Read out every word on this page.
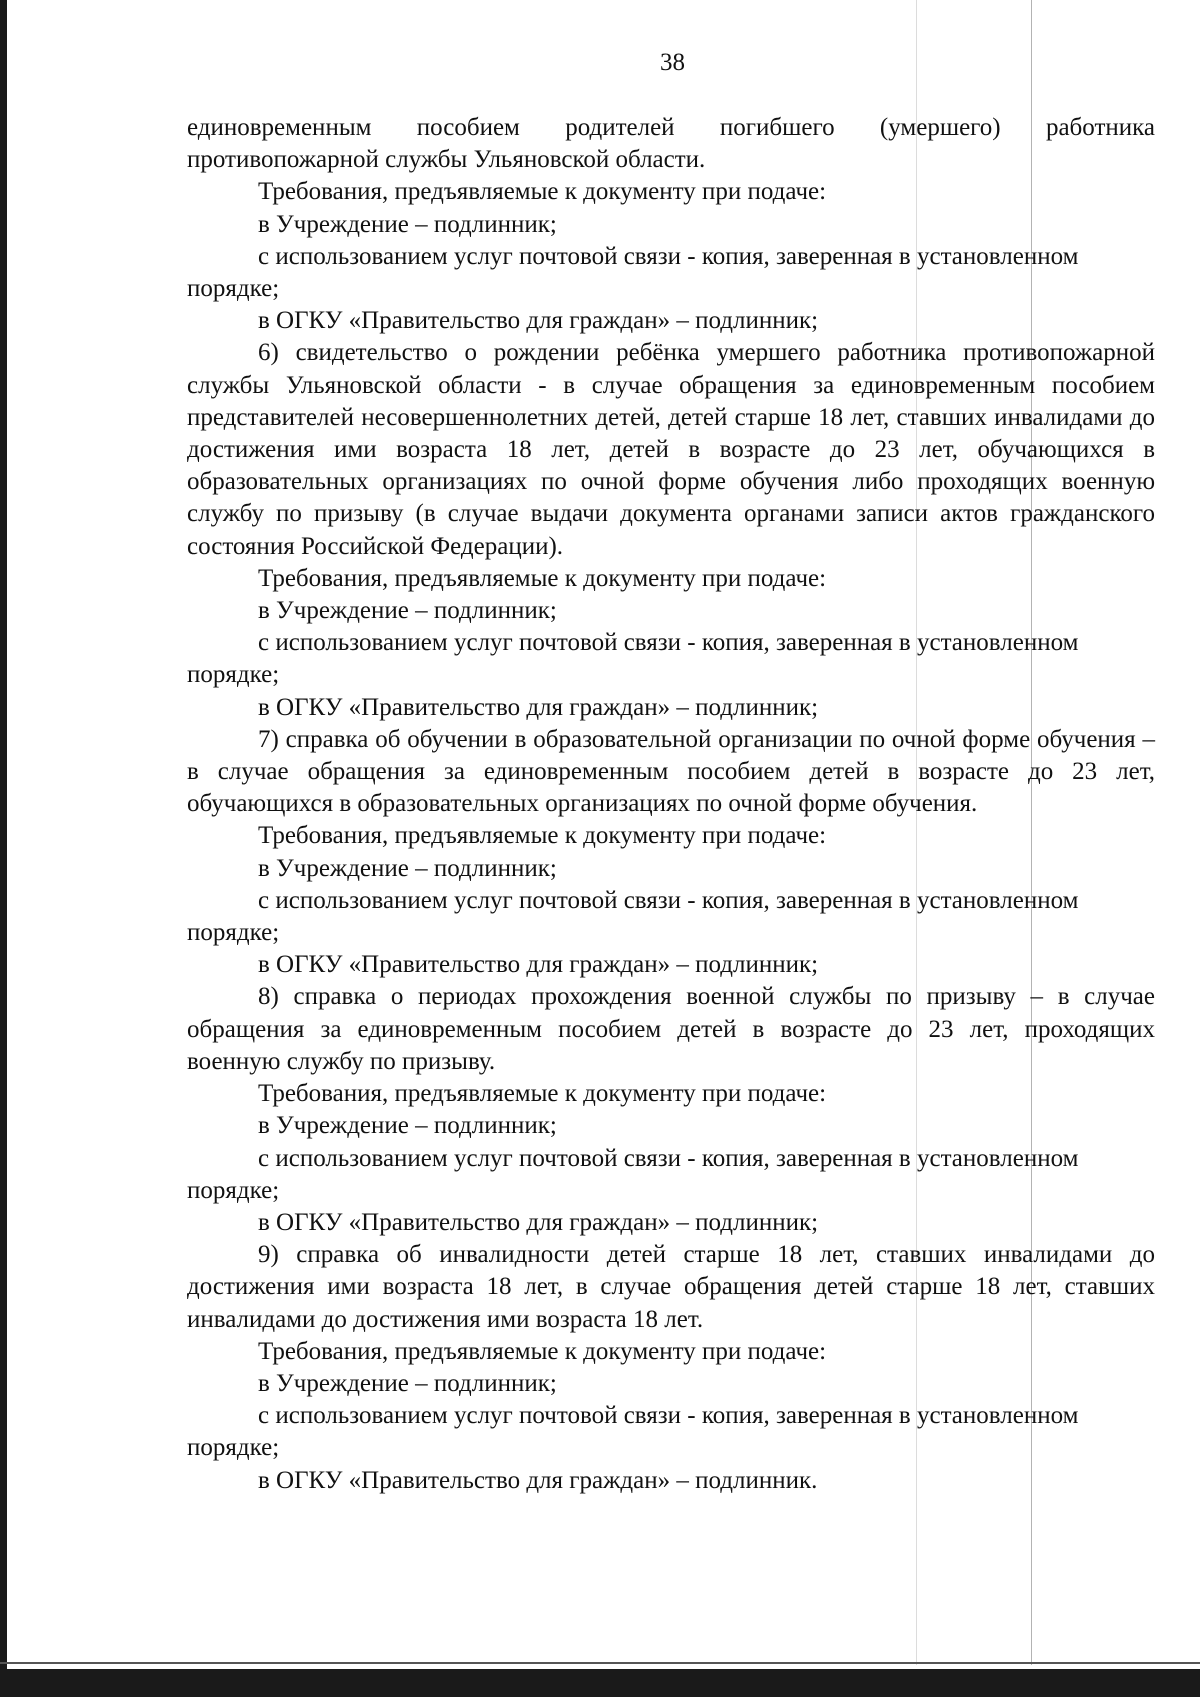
38

единовременным пособием родителей погибшего (умершего) работника противопожарной службы Ульяновской области.

Требования, предъявляемые к документу при подаче:

в Учреждение – подлинник;

с использованием услуг почтовой связи - копия, заверенная в установленном порядке;

в ОГКУ «Правительство для граждан» – подлинник;

6) свидетельство о рождении ребёнка умершего работника противопожарной службы Ульяновской области - в случае обращения за единовременным пособием представителей несовершеннолетних детей, детей старше 18 лет, ставших инвалидами до достижения ими возраста 18 лет, детей в возрасте до 23 лет, обучающихся в образовательных организациях по очной форме обучения либо проходящих военную службу по призыву (в случае выдачи документа органами записи актов гражданского состояния Российской Федерации).

Требования, предъявляемые к документу при подаче:

в Учреждение – подлинник;

с использованием услуг почтовой связи - копия, заверенная в установленном порядке;

в ОГКУ «Правительство для граждан» – подлинник;

7) справка об обучении в образовательной организации по очной форме обучения – в случае обращения за единовременным пособием детей в возрасте до 23 лет, обучающихся в образовательных организациях по очной форме обучения.

Требования, предъявляемые к документу при подаче:

в Учреждение – подлинник;

с использованием услуг почтовой связи - копия, заверенная в установленном порядке;

в ОГКУ «Правительство для граждан» – подлинник;

8) справка о периодах прохождения военной службы по призыву – в случае обращения за единовременным пособием детей в возрасте до 23 лет, проходящих военную службу по призыву.

Требования, предъявляемые к документу при подаче:

в Учреждение – подлинник;

с использованием услуг почтовой связи - копия, заверенная в установленном порядке;

в ОГКУ «Правительство для граждан» – подлинник;

9) справка об инвалидности детей старше 18 лет, ставших инвалидами до достижения ими возраста 18 лет, в случае обращения детей старше 18 лет, ставших инвалидами до достижения ими возраста 18 лет.

Требования, предъявляемые к документу при подаче:

в Учреждение – подлинник;

с использованием услуг почтовой связи - копия, заверенная в установленном порядке;

в ОГКУ «Правительство для граждан» – подлинник.
